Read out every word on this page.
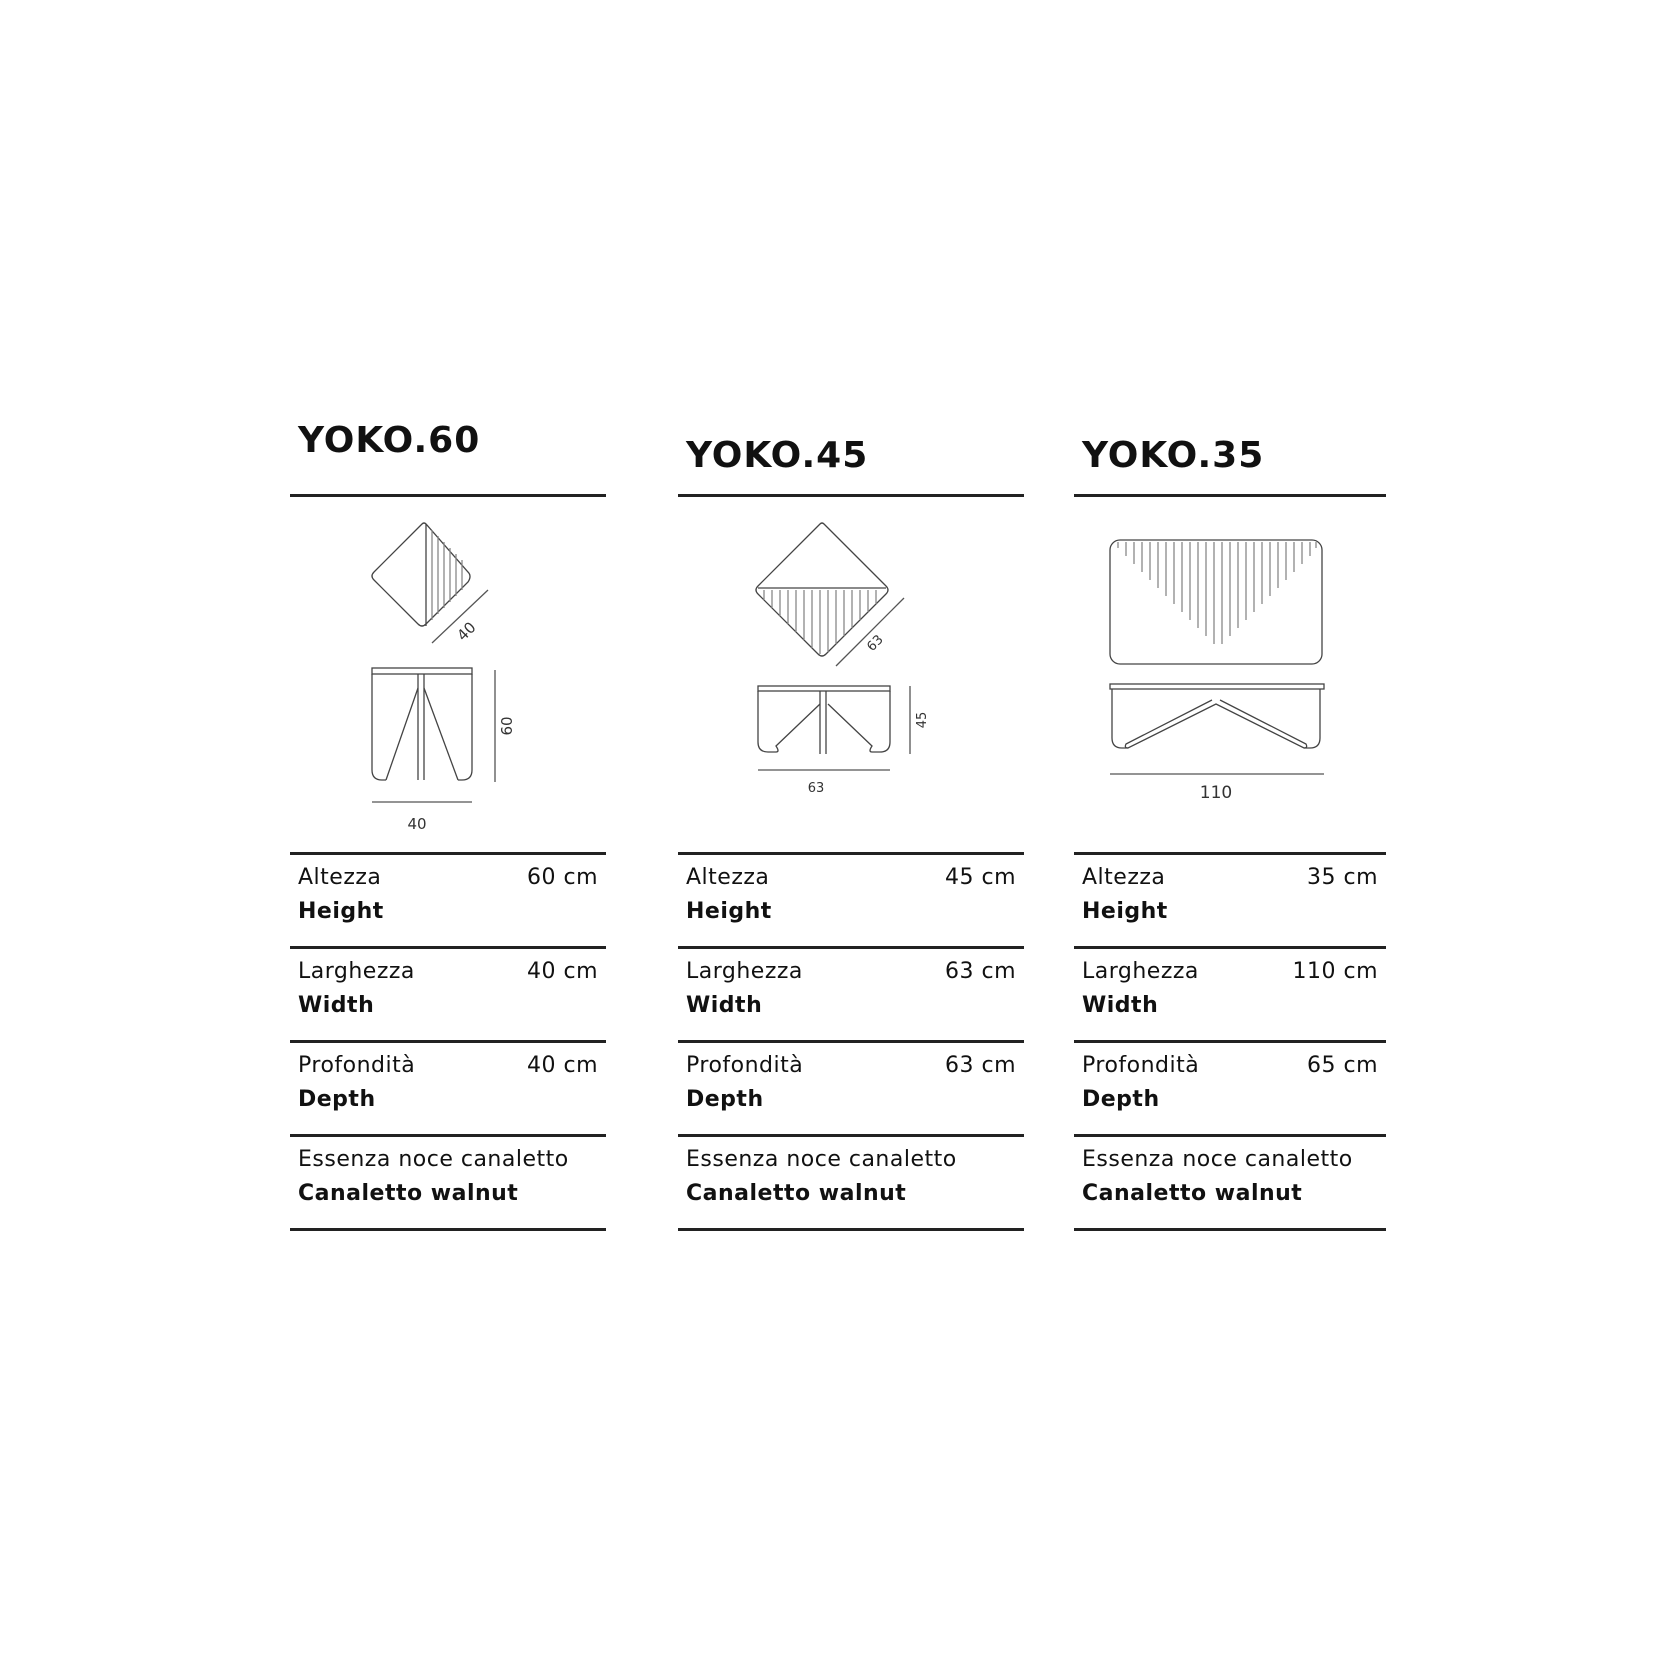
YOKO.60
40
60
40
Altezza
Height
60 cm
Larghezza
Width
40 cm
Profondità
Depth
40 cm
Essenza noce canaletto
Canaletto walnut
YOKO.45
63
45
63
Altezza
Height
45 cm
Larghezza
Width
63 cm
Profondità
Depth
63 cm
Essenza noce canaletto
Canaletto walnut
YOKO.35
110
Altezza
Height
35 cm
Larghezza
Width
110 cm
Profondità
Depth
65 cm
Essenza noce canaletto
Canaletto walnut
